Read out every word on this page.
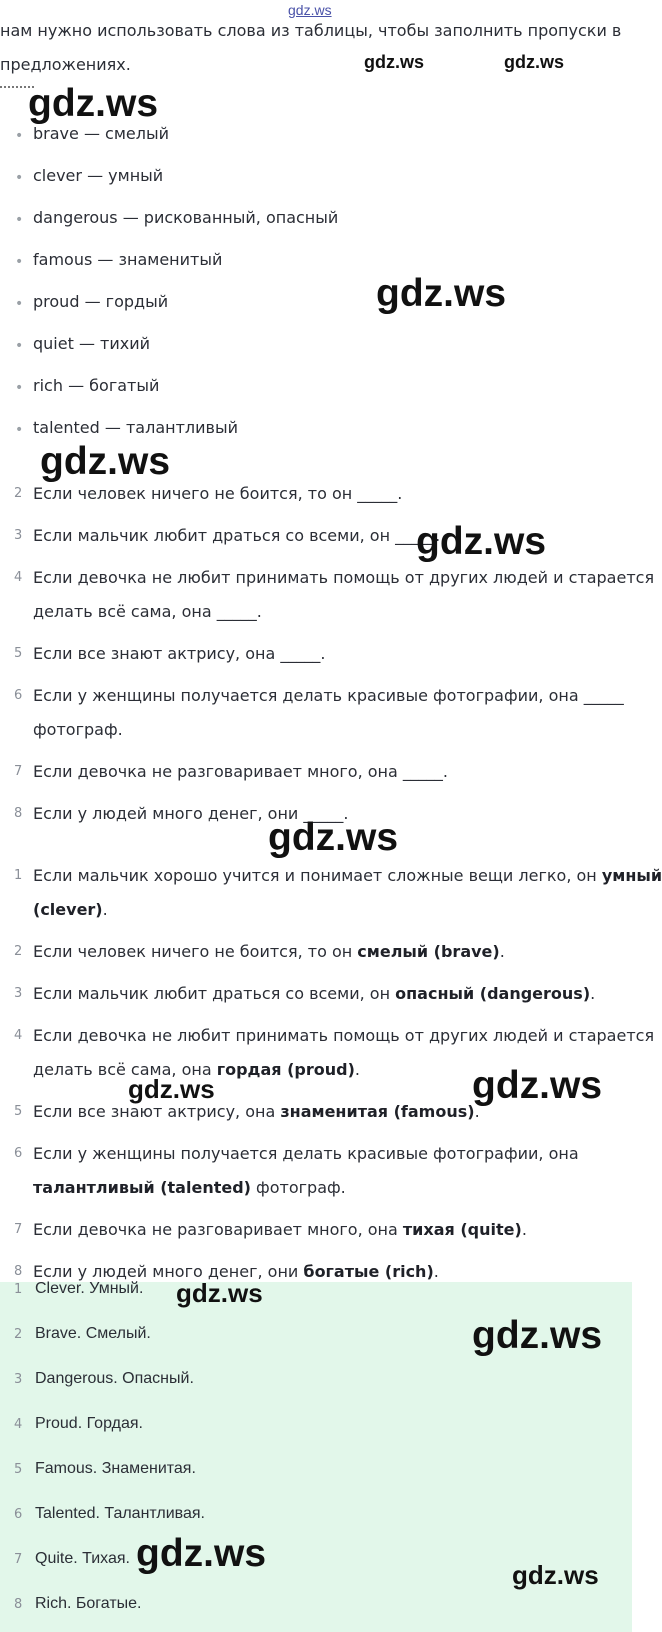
gdz.ws
нам нужно использовать слова из таблицы, чтобы заполнить пропуски в предложениях.
• brave — смелый
• clever — умный
• dangerous — рискованный, опасный
• famous — знаменитый
• proud — гордый
• quiet — тихий
• rich — богатый
• talented — талантливый
2 Если человек ничего не боится, то он _____.
3 Если мальчик любит драться со всеми, он _____.
4 Если девочка не любит принимать помощь от других людей и старается
делать всё сама, она _____.
5 Если все знают актрису, она _____.
6 Если у женщины получается делать красивые фотографии, она _____
фотограф.
7 Если девочка не разговаривает много, она _____.
8 Если у людей много денег, они _____.
1 Если мальчик хорошо учится и понимает сложные вещи легко, он умный
(clever).
2 Если человек ничего не боится, то он смелый (brave).
3 Если мальчик любит драться со всеми, он опасный (dangerous).
4 Если девочка не любит принимать помощь от других людей и старается
делать всё сама, она гордая (proud).
5 Если все знают актрису, она знаменитая (famous).
6 Если у женщины получается делать красивые фотографии, она
талантливый (talented) фотограф.
7 Если девочка не разговаривает много, она тихая (quite).
8 Если у людей много денег, они богатые (rich).
1 Clever. Умный.
2 Brave. Смелый.
3 Dangerous. Опасный.
4 Proud. Гордая.
5 Famous. Знаменитая.
6 Talented. Талантливая.
7 Quite. Тихая.
8 Rich. Богатые.
gdz.ws	gdz.ws
gdz.ws
gdz.ws
gdz.ws
gdz.ws
gdz.ws
gdz.ws	gdz.ws
gdz.ws
gdz.ws
gdz.ws	gdz.ws
